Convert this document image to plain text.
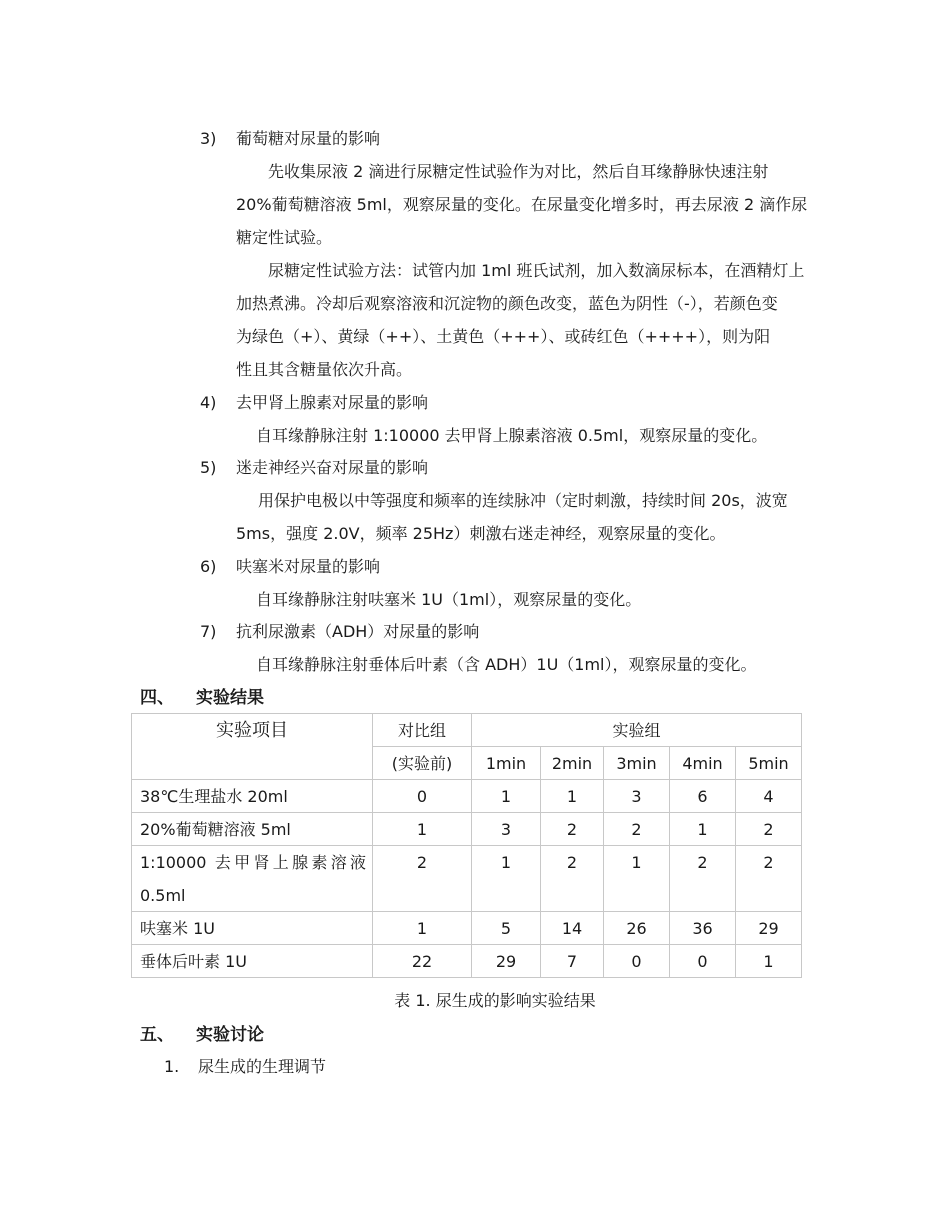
3) 葡萄糖对尿量的影响
先收集尿液 2 滴进行尿糖定性试验作为对比，然后自耳缘静脉快速注射
20%葡萄糖溶液 5ml，观察尿量的变化。在尿量变化增多时，再去尿液 2 滴作尿
糖定性试验。
尿糖定性试验方法：试管内加 1ml 班氏试剂，加入数滴尿标本，在酒精灯上
加热煮沸。冷却后观察溶液和沉淀物的颜色改变，蓝色为阴性（-），若颜色变
为绿色（+）、黄绿（++）、土黄色（+++）、或砖红色（++++），则为阳
性且其含糖量依次升高。
4) 去甲肾上腺素对尿量的影响
自耳缘静脉注射 1:10000 去甲肾上腺素溶液 0.5ml，观察尿量的变化。
5) 迷走神经兴奋对尿量的影响
用保护电极以中等强度和频率的连续脉冲（定时刺激，持续时间 20s，波宽
5ms，强度 2.0V，频率 25Hz）刺激右迷走神经，观察尿量的变化。
6) 呋塞米对尿量的影响
自耳缘静脉注射呋塞米 1U（1ml），观察尿量的变化。
7) 抗利尿激素（ADH）对尿量的影响
自耳缘静脉注射垂体后叶素（含 ADH）1U（1ml），观察尿量的变化。
四、 实验结果
实验项目	对比组	实验组				
	(实验前)	1min	2min	3min	4min	5min
38℃生理盐水 20ml	0	1	1	3	6	4
20%葡萄糖溶液 5ml	1	3	2	2	1	2

1:10000 去甲肾上腺素溶液
0.5ml	2	1	2	1	2	2
呋塞米 1U	1	5	14	26	36	29
垂体后叶素 1U	22	29	7	0	0	1
表 1. 尿生成的影响实验结果
五、 实验讨论
1. 尿生成的生理调节
